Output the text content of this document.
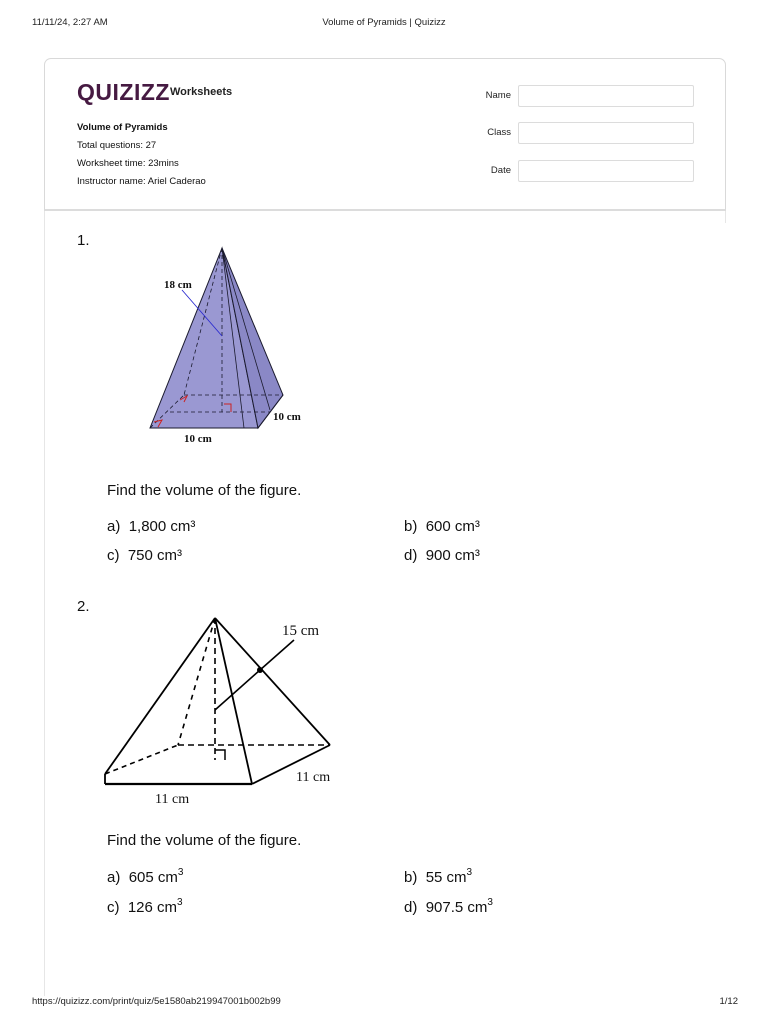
11/11/24, 2:27 AM	Volume of Pyramids | Quizizz
QUIZIZZ Worksheets
Volume of Pyramids
Total questions: 27
Worksheet time: 23mins
Instructor name: Ariel Caderao
Name
Class
Date
1.
18 cm
10 cm
10 cm
Find the volume of the figure.
a) 1,800 cm³	b) 600 cm³
c) 750 cm³	d) 900 cm³
2.
15 cm
11 cm
11 cm
Find the volume of the figure.
a) 605 $cm^3$	b) 55 $cm^3$
c) 126 $cm^3$	d) 907.5 $cm^3$
https://quizizz.com/print/quiz/5e1580ab219947001b002b99	1/12
